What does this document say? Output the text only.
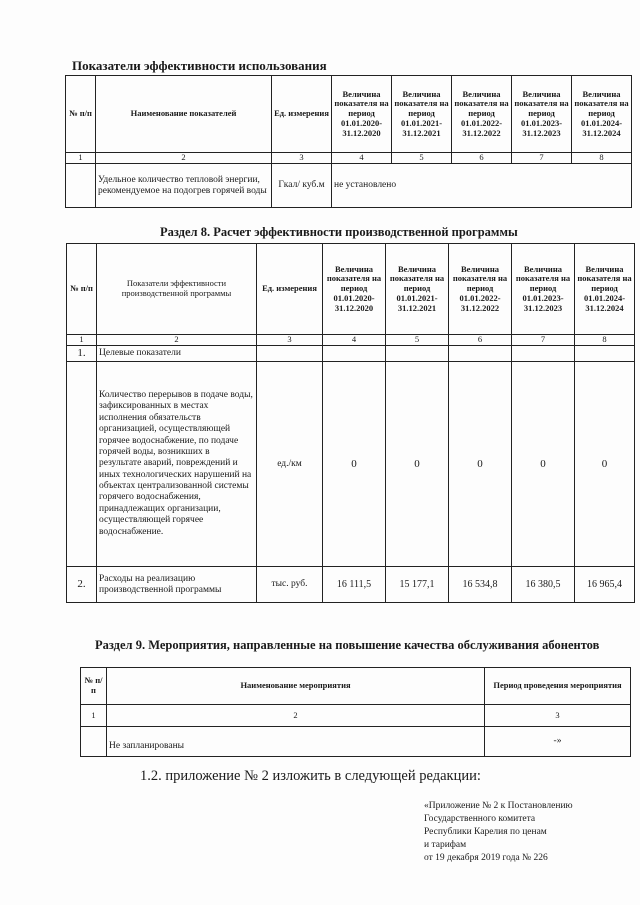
Показатели эффективности использования
№ п/п	Наименование показателей	Ед. измерения	Величина показателя на период 01.01.2020-31.12.2020	Величина показателя на период 01.01.2021-31.12.2021	Величина показателя на период 01.01.2022-31.12.2022	Величина показателя на период 01.01.2023-31.12.2023	Величина показателя на период 01.01.2024-31.12.2024
1	2	3	4	5	6	7	8
	Удельное количество тепловой энергии, рекомендуемое на подогрев горячей воды	Гкал/ куб.м	не установлено				
Раздел 8. Расчет эффективности производственной программы
№ п/п	Показатели эффективности производственной программы	Ед. измерения	Величина показателя на период 01.01.2020-31.12.2020	Величина показателя на период 01.01.2021-31.12.2021	Величина показателя на период 01.01.2022-31.12.2022	Величина показателя на период 01.01.2023-31.12.2023	Величина показателя на период 01.01.2024-31.12.2024
1	2	3	4	5	6	7	8
1.	Целевые показатели						
	Количество перерывов в подаче воды, зафиксированных в местах исполнения обязательств организацией, осуществляющей горячее водоснабжение, по подаче горячей воды, возникших в результате аварий, повреждений и иных технологических нарушений на объектах централизованной системы горячего водоснабжения, принадлежащих организации, осуществляющей горячее водоснабжение.	ед./км	0	0	0	0	0
2.	Расходы на реализацию производственной программы	тыс. руб.	16 111,5	15 177,1	16 534,8	16 380,5	16 965,4
Раздел 9. Мероприятия, направленные на повышение качества обслуживания абонентов
№ п/п	Наименование мероприятия	Период проведения мероприятия
1	2	3
	Не запланированы	-»
1.2. приложение № 2 изложить в следующей редакции:
«Приложение № 2 к Постановлению
Государственного комитета
Республики Карелия по ценам
и тарифам
от 19 декабря 2019 года № 226
